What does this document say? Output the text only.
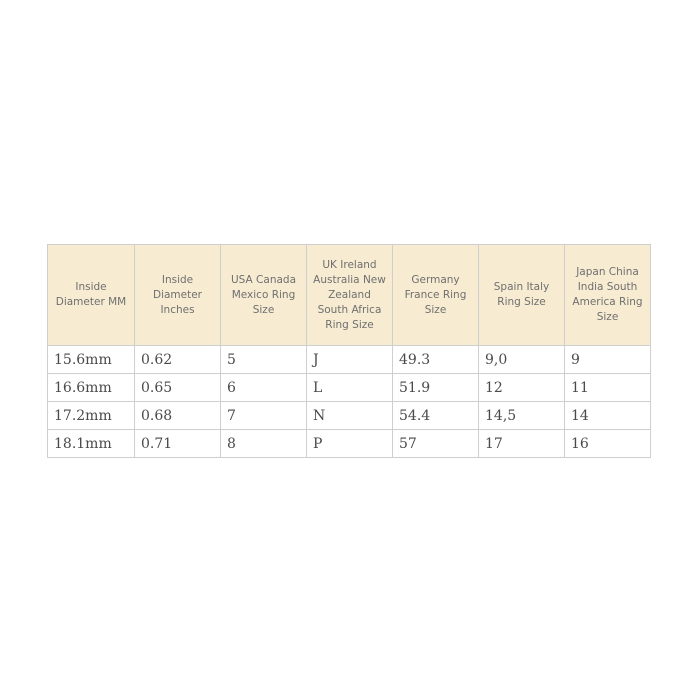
Inside Diameter MM	Inside Diameter Inches	USA Canada Mexico Ring Size	UK Ireland Australia New Zealand South Africa Ring Size	Germany France Ring Size	Spain Italy Ring Size	Japan China India South America Ring Size
15.6mm	0.62	5	J	49.3	9,0	9
16.6mm	0.65	6	L	51.9	12	11
17.2mm	0.68	7	N	54.4	14,5	14
18.1mm	0.71	8	P	57	17	16
